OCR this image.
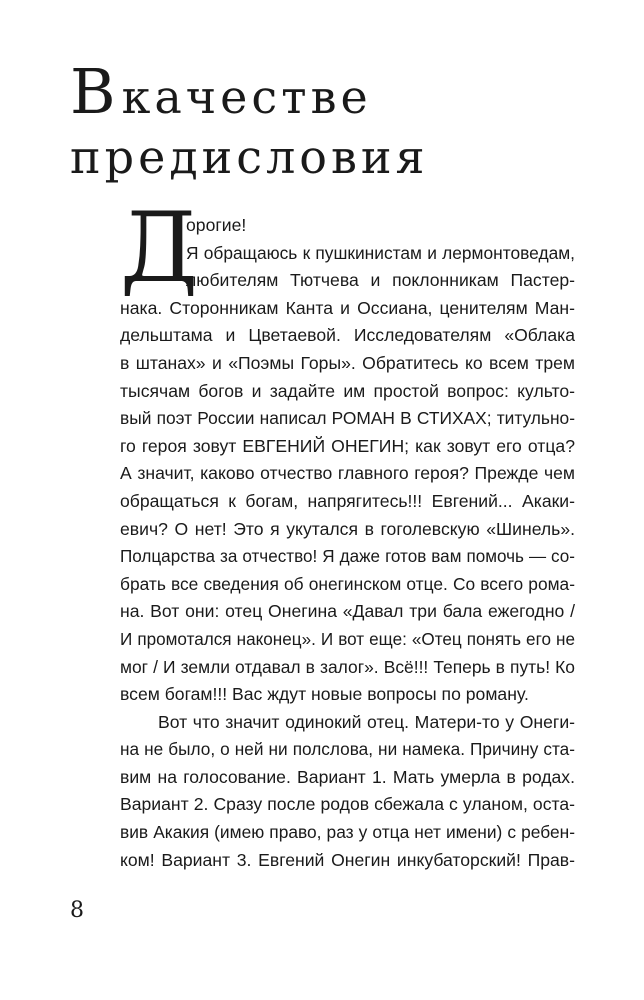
В качестве
предисловия
Д
орогие!
Я обращаюсь к пушкинистам и лермонтоведам,
любителям Тютчева и поклонникам Пастер-
нака. Сторонникам Канта и Оссиана, ценителям Ман-
дельштама и Цветаевой. Исследователям «Облака
в штанах» и «Поэмы Горы». Обратитесь ко всем трем
тысячам богов и задайте им простой вопрос: культо-
вый поэт России написал РОМАН В СТИХАХ; титульно-
го героя зовут ЕВГЕНИЙ ОНЕГИН; как зовут его отца?
А значит, каково отчество главного героя? Прежде чем
обращаться к богам, напрягитесь!!! Евгений... Акаки-
евич? О нет! Это я укутался в гоголевскую «Шинель».
Полцарства за отчество! Я даже готов вам помочь — со-
брать все сведения об онегинском отце. Со всего рома-
на. Вот они: отец Онегина «Давал три бала ежегодно /
И промотался наконец». И вот еще: «Отец понять его не
мог / И земли отдавал в залог». Всё!!! Теперь в путь! Ко
всем богам!!! Вас ждут новые вопросы по роману.
Вот что значит одинокий отец. Матери-то у Онеги-
на не было, о ней ни полслова, ни намека. Причину ста-
вим на голосование. Вариант 1. Мать умерла в родах.
Вариант 2. Сразу после родов сбежала с уланом, оста-
вив Акакия (имею право, раз у отца нет имени) с ребен-
ком! Вариант 3. Евгений Онегин инкубаторский! Прав-
8
